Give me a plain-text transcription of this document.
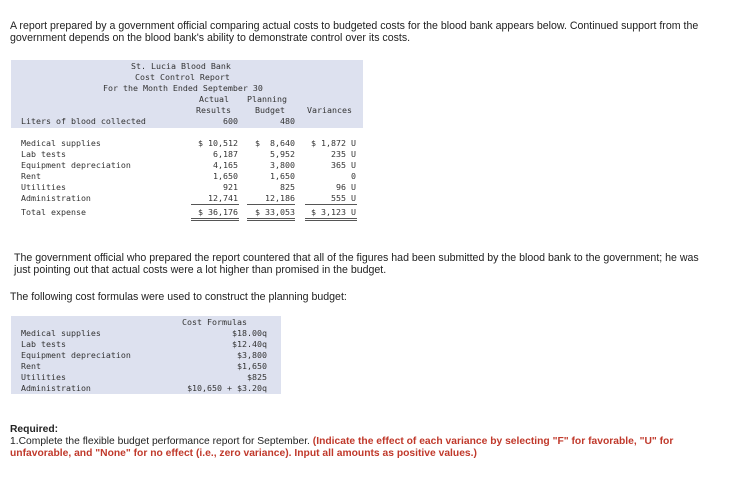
A report prepared by a government official comparing actual costs to budgeted costs for the blood bank appears below. Continued support from the government depends on the blood bank's ability to demonstrate control over its costs.
St. Lucia Blood Bank
Cost Control Report
For the Month Ended September 30
Actual	Planning
Results	Budget	Variances
Liters of blood collected	600	480
Medical supplies	$ 10,512 $  8,640 $ 1,872 U
Lab tests	6,187	5,952	235 U
Equipment depreciation	4,165	3,800	365 U
Rent	1,650	1,650	0
Utilities	921	825	96 U
Administration	12,741	12,186	555 U
Total expense	$ 36,176 $ 33,053 $ 3,123 U
The government official who prepared the report countered that all of the figures had been submitted by the blood bank to the government; he was just pointing out that actual costs were a lot higher than promised in the budget.
The following cost formulas were used to construct the planning budget:
Cost Formulas
Medical supplies	$18.00q
Lab tests	$12.40q
Equipment depreciation	$3,800
Rent	$1,650
Utilities	$825
Administration	$10,650 + $3.20q
Required:
1.Complete the flexible budget performance report for September. (Indicate the effect of each variance by selecting "F" for favorable, "U" for unfavorable, and "None" for no effect (i.e., zero variance). Input all amounts as positive values.)
